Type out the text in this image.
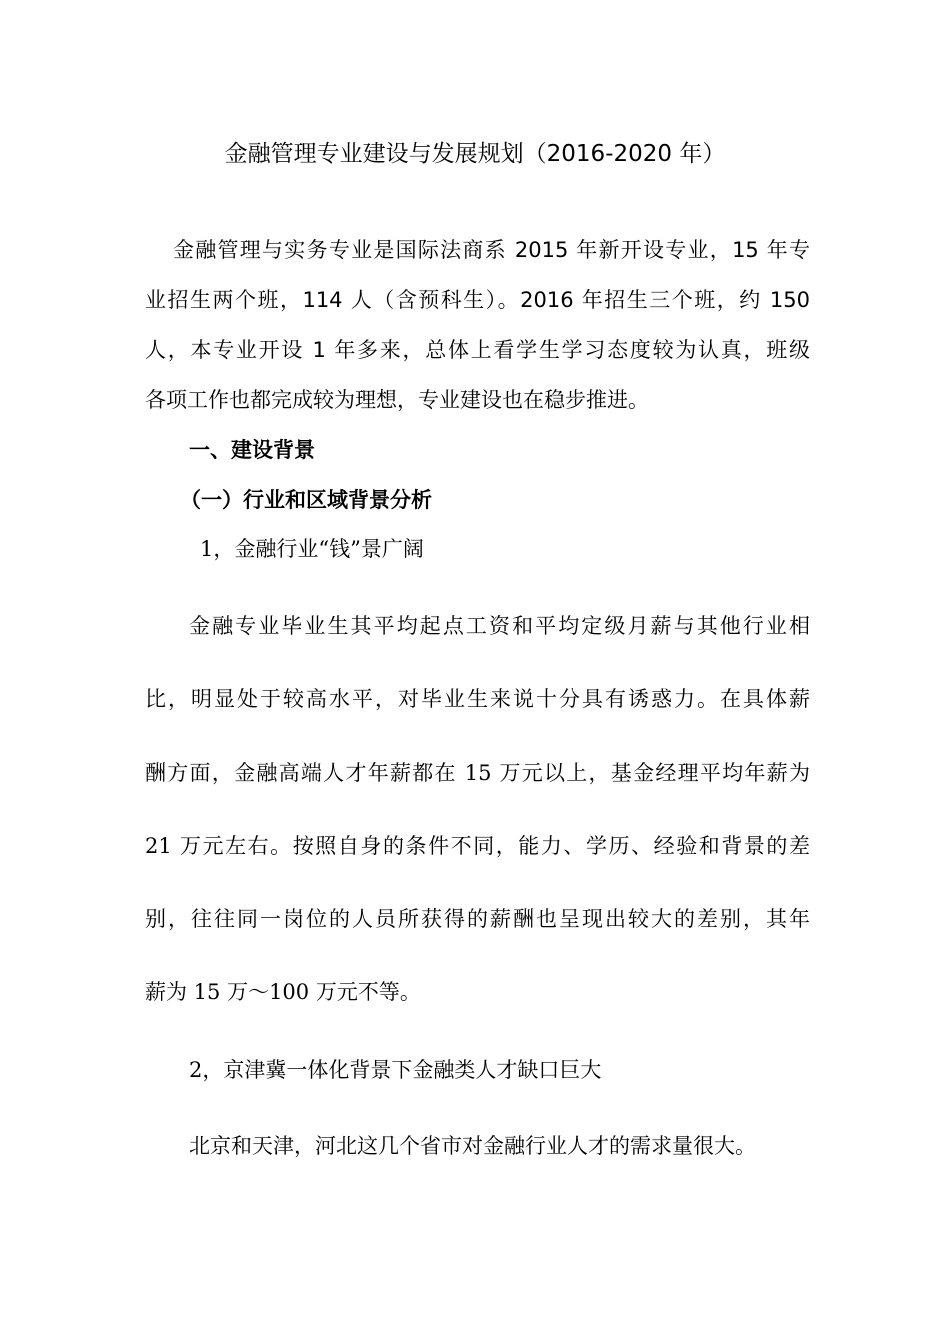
金融管理专业建设与发展规划（2016-2020 年）
金融管理与实务专业是国际法商系 2015 年新开设专业，15 年专
业招生两个班，114 人（含预科生）。2016 年招生三个班，约 150
人，本专业开设 1 年多来，总体上看学生学习态度较为认真，班级
各项工作也都完成较为理想，专业建设也在稳步推进。
一、建设背景
（一）行业和区域背景分析
1，金融行业“钱”景广阔
金融专业毕业生其平均起点工资和平均定级月薪与其他行业相
比，明显处于较高水平，对毕业生来说十分具有诱惑力。在具体薪
酬方面，金融高端人才年薪都在 15 万元以上，基金经理平均年薪为
21 万元左右。按照自身的条件不同，能力、学历、经验和背景的差
别，往往同一岗位的人员所获得的薪酬也呈现出较大的差别，其年
薪为 15 万～100 万元不等。
2，京津冀一体化背景下金融类人才缺口巨大
北京和天津，河北这几个省市对金融行业人才的需求量很大。
